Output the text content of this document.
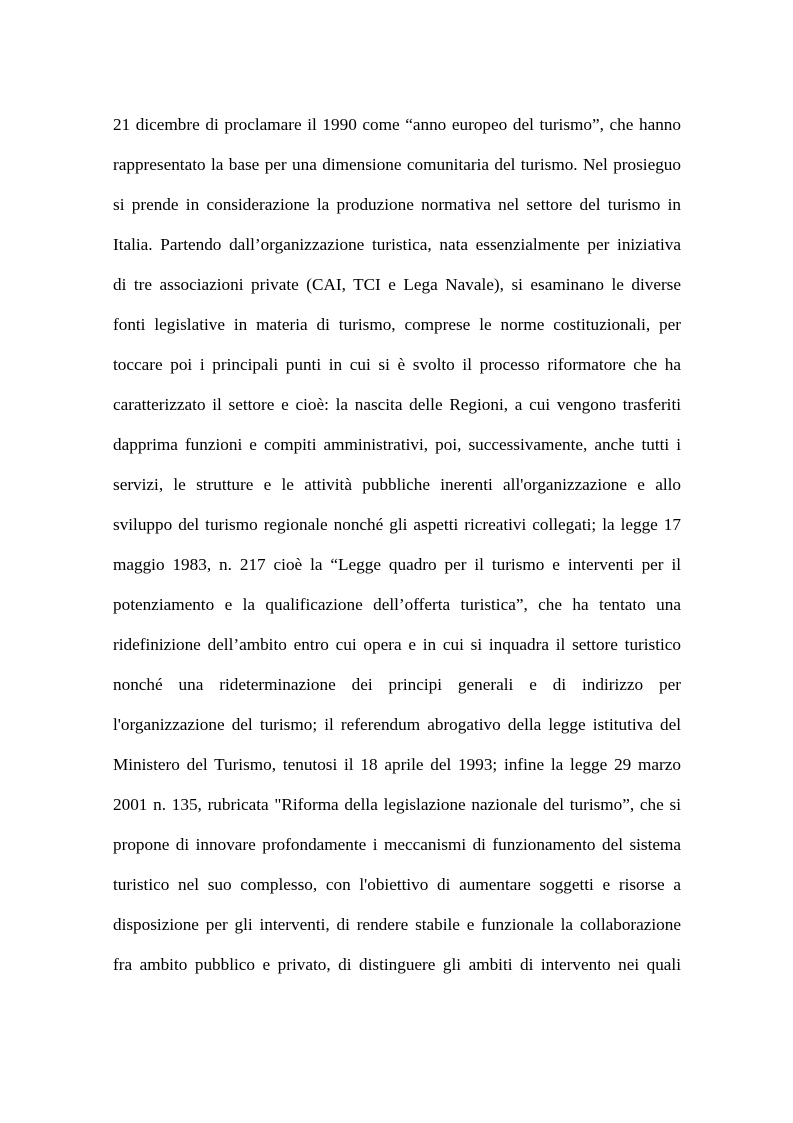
21 dicembre di proclamare il 1990 come “anno europeo del turismo”, che hanno
rappresentato la base per una dimensione comunitaria del turismo. Nel prosieguo
si prende in considerazione la produzione normativa nel settore del turismo in
Italia. Partendo dall’organizzazione turistica, nata essenzialmente per iniziativa
di tre associazioni private (CAI, TCI e Lega Navale), si esaminano le diverse
fonti legislative in materia di turismo, comprese le norme costituzionali, per
toccare poi i principali punti in cui si è svolto il processo riformatore che ha
caratterizzato il settore e cioè: la nascita delle Regioni, a cui vengono trasferiti
dapprima funzioni e compiti amministrativi, poi, successivamente, anche tutti i
servizi, le strutture e le attività pubbliche inerenti all'organizzazione e allo
sviluppo del turismo regionale nonché gli aspetti ricreativi collegati; la legge 17
maggio 1983, n. 217 cioè la “Legge quadro per il turismo e interventi per il
potenziamento e la qualificazione dell’offerta turistica”, che ha tentato una
ridefinizione dell’ambito entro cui opera e in cui si inquadra il settore turistico
nonché una rideterminazione dei principi generali e di indirizzo per
l'organizzazione del turismo; il referendum abrogativo della legge istitutiva del
Ministero del Turismo, tenutosi il 18 aprile del 1993; infine la legge 29 marzo
2001 n. 135, rubricata "Riforma della legislazione nazionale del turismo”, che si
propone di innovare profondamente i meccanismi di funzionamento del sistema
turistico nel suo complesso, con l'obiettivo di aumentare soggetti e risorse a
disposizione per gli interventi, di rendere stabile e funzionale la collaborazione
fra ambito pubblico e privato, di distinguere gli ambiti di intervento nei quali
